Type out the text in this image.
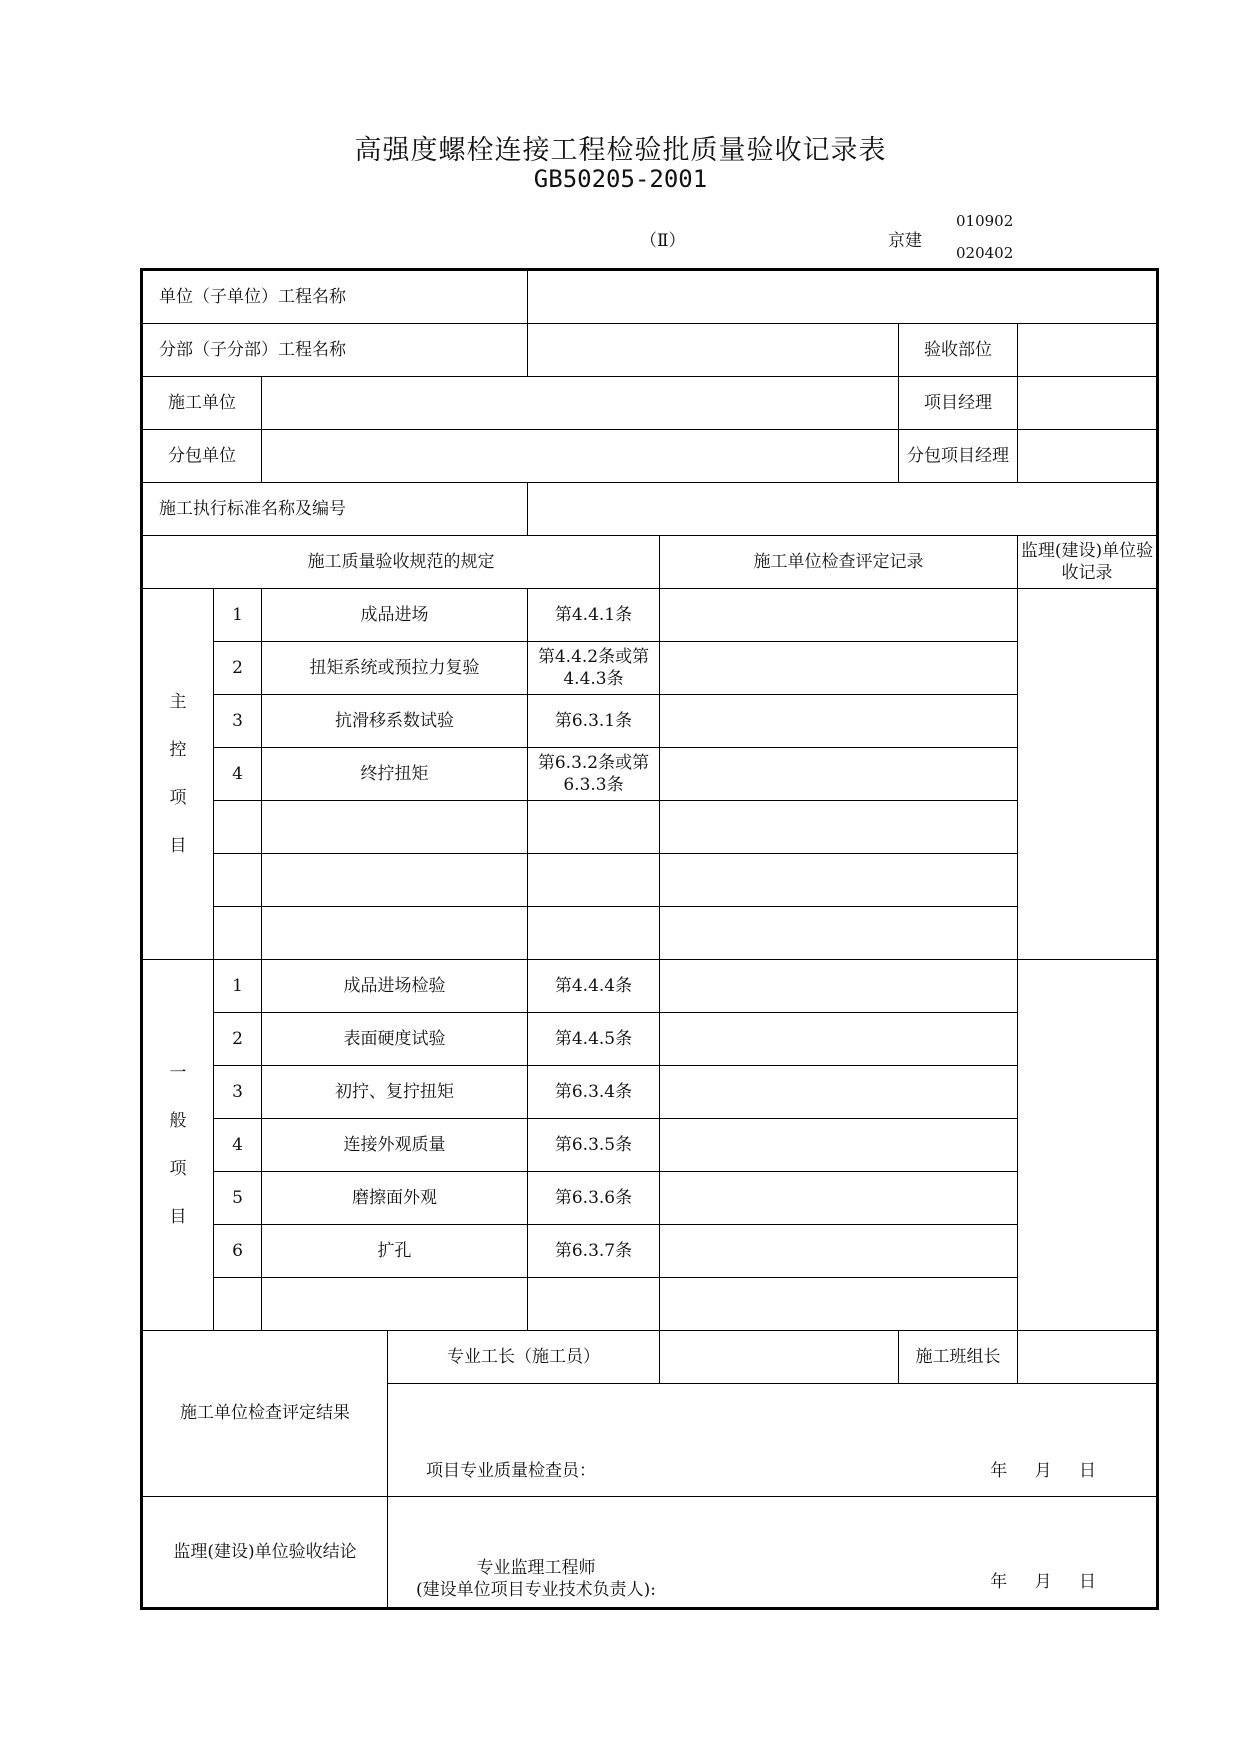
高强度螺栓连接工程检验批质量验收记录表
GB50205-2001
（Ⅱ）	京建
010902
020402
单位（子单位）工程名称							
分部（子分部）工程名称						验收部位	
施工单位						项目经理	
分包单位						分包项目经理	
施工执行标准名称及编号							
施工质量验收规范的规定					施工单位检查评定记录		监理(建设)单位验收记录

主
控
项
目	1	成品进场		第4.4.1条			
	2	扭矩系统或预拉力复验		第4.4.2条或第4.4.3条			
	3	抗滑移系数试验		第6.3.1条			
	4	终拧扭矩		第6.3.2条或第6.3.3条			

一
般
项
目	1	成品进场检验		第4.4.4条			
	2	表面硬度试验		第4.4.5条			
	3	初拧、复拧扭矩		第6.3.4条			
	4	连接外观质量		第6.3.5条			
	5	磨擦面外观		第6.3.6条			
	6	扩孔		第6.3.7条			

施工单位检查评定结果			专业工长（施工员）			施工班组长	

			项目专业质量检查员： 年 月 日				

监理(建设)单位验收结论			专业监理工程师
(建设单位项目专业技术负责人): 年 月 日				
